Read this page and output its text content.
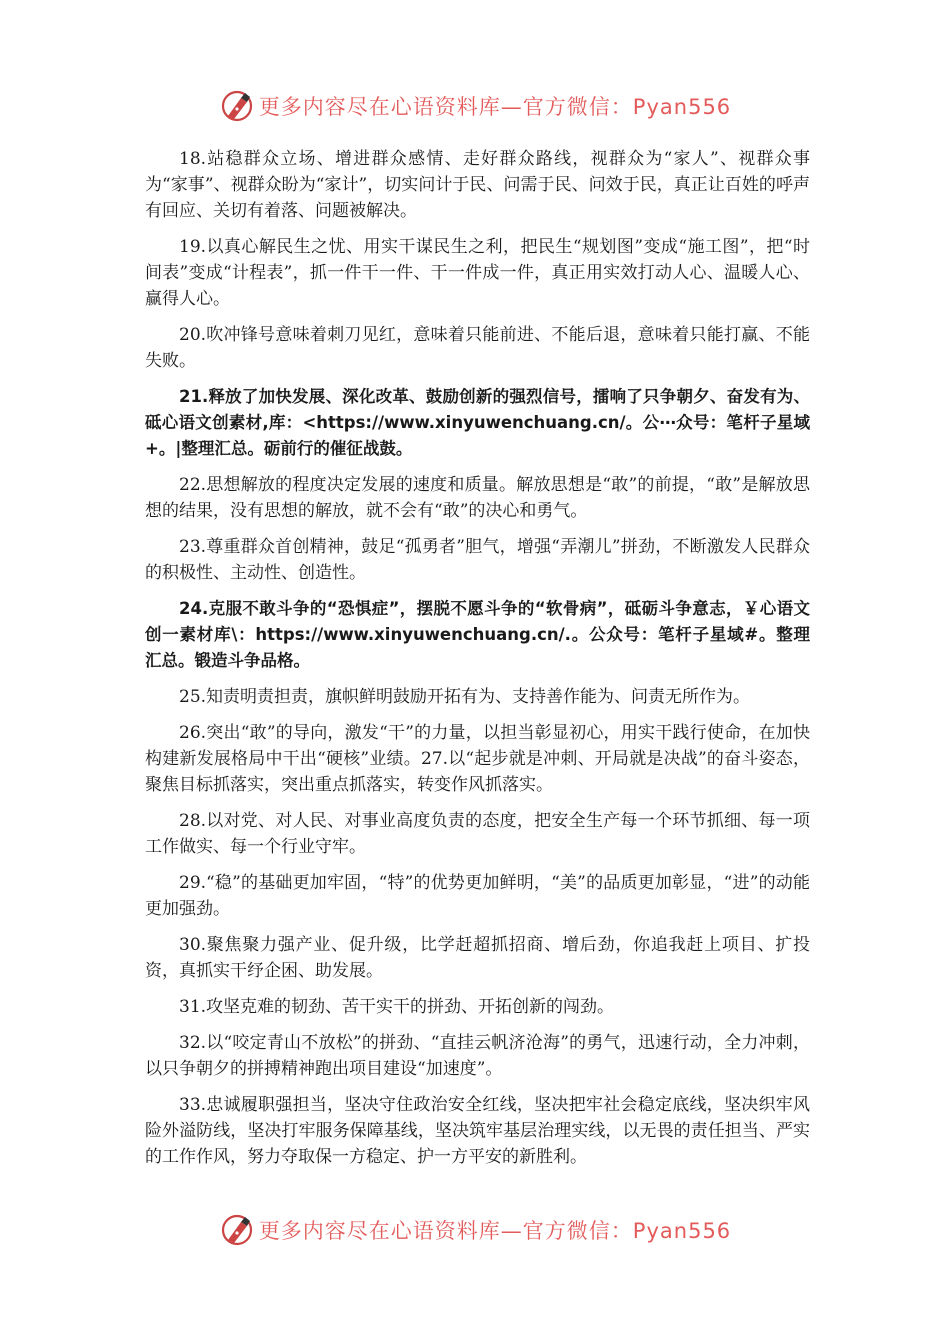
更多内容尽在心语资料库—官方微信：Pyan556

18.站稳群众立场、增进群众感情、走好群众路线，视群众为“家人”、视群众事为“家事”、视群众盼为“家计”，切实问计于民、问需于民、问效于民，真正让百姓的呼声有回应、关切有着落、问题被解决。

19.以真心解民生之忧、用实干谋民生之利，把民生“规划图”变成“施工图”，把“时间表”变成“计程表”，抓一件干一件、干一件成一件，真正用实效打动人心、温暖人心、赢得人心。

20.吹冲锋号意味着刺刀见红，意味着只能前进、不能后退，意味着只能打赢、不能失败。

21.释放了加快发展、深化改革、鼓励创新的强烈信号，擂响了只争朝夕、奋发有为、砥心语文创素材,库：<https://www.xinyuwenchuang.cn/。公⋯众号：笔杆子星域+。|整理汇总。砺前行的催征战鼓。

22.思想解放的程度决定发展的速度和质量。解放思想是“敢”的前提，“敢”是解放思想的结果，没有思想的解放，就不会有“敢”的决心和勇气。

23.尊重群众首创精神，鼓足“孤勇者”胆气，增强“弄潮儿”拼劲，不断激发人民群众的积极性、主动性、创造性。

24.克服不敢斗争的“恐惧症”，摆脱不愿斗争的“软骨病”，砥砺斗争意志，￥心语文创一素材库\：https://www.xinyuwenchuang.cn/.。公众号：笔杆子星域#。整理汇总。锻造斗争品格。

25.知责明责担责，旗帜鲜明鼓励开拓有为、支持善作能为、问责无所作为。

26.突出“敢”的导向，激发“干”的力量，以担当彰显初心，用实干践行使命，在加快构建新发展格局中干出“硬核”业绩。27.以“起步就是冲刺、开局就是决战”的奋斗姿态，聚焦目标抓落实，突出重点抓落实，转变作风抓落实。

28.以对党、对人民、对事业高度负责的态度，把安全生产每一个环节抓细、每一项工作做实、每一个行业守牢。

29.“稳”的基础更加牢固，“特”的优势更加鲜明，“美”的品质更加彰显，“进”的动能更加强劲。

30.聚焦聚力强产业、促升级，比学赶超抓招商、增后劲，你追我赶上项目、扩投资，真抓实干纾企困、助发展。

31.攻坚克难的韧劲、苦干实干的拼劲、开拓创新的闯劲。

32.以“咬定青山不放松”的拼劲、“直挂云帆济沧海”的勇气，迅速行动，全力冲刺，以只争朝夕的拼搏精神跑出项目建设“加速度”。

33.忠诚履职强担当，坚决守住政治安全红线，坚决把牢社会稳定底线，坚决织牢风险外溢防线，坚决打牢服务保障基线，坚决筑牢基层治理实线，以无畏的责任担当、严实的工作作风，努力夺取保一方稳定、护一方平安的新胜利。

更多内容尽在心语资料库—官方微信：Pyan556
